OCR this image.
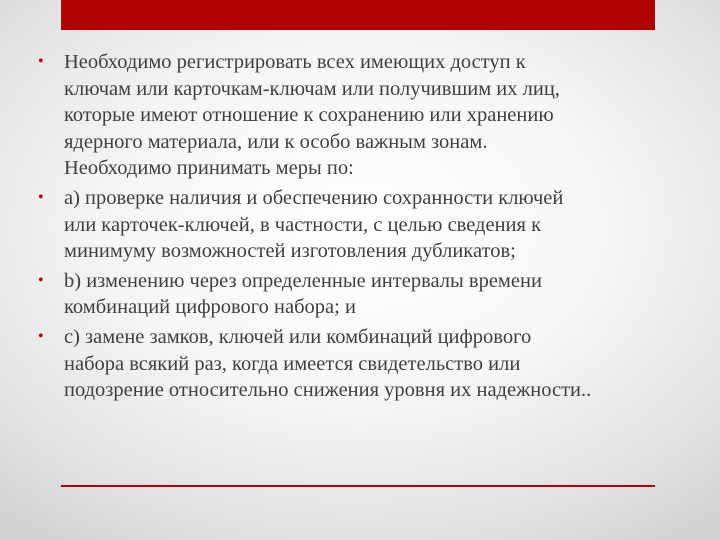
• Необходимо регистрировать всех имеющих доступ к
ключам или карточкам-ключам или получившим их лиц,
которые имеют отношение к сохранению или хранению
ядерного материала, или к особо важным зонам.
Необходимо принимать меры по:
• а) проверке наличия и обеспечению сохранности ключей
или карточек-ключей, в частности, с целью сведения к
минимуму возможностей изготовления дубликатов;
• b) изменению через определенные интервалы времени
комбинаций цифрового набора; и
• с) замене замков, ключей или комбинаций цифрового
набора всякий раз, когда имеется свидетельство или
подозрение относительно снижения уровня их надежности..
